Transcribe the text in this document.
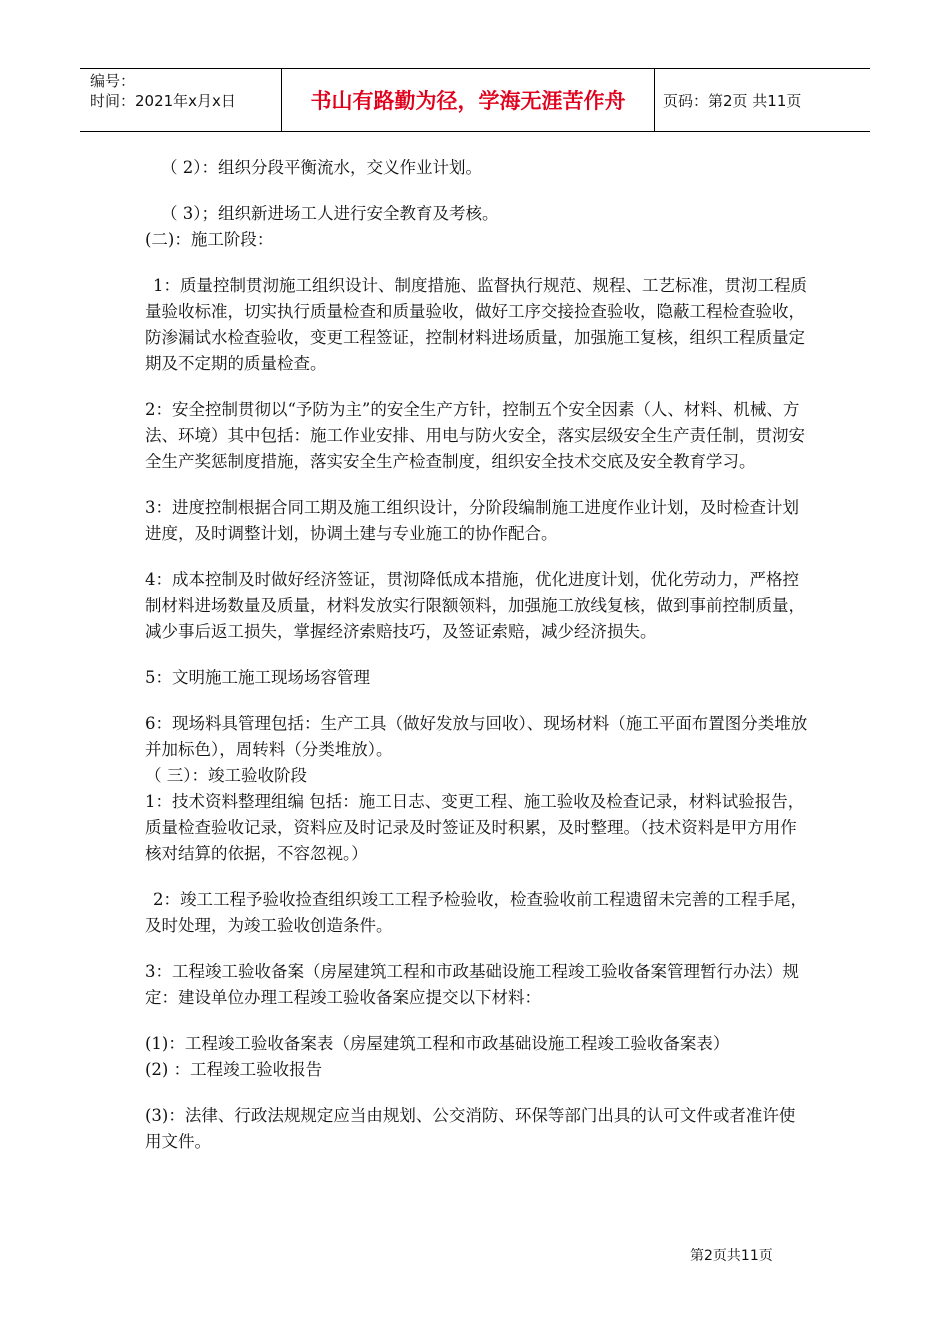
编号：
时间：2021年x月x日	书山有路勤为径，学海无涯苦作舟	页码：第2页 共11页

（ 2）：组织分段平衡流水，交义作业计划。

（ 3）；组织新进场工人进行安全教育及考核。

(二)：施工阶段：

1：质量控制贯沏施工组织设计、制度措施、监督执行规范、规程、工艺标准，贯沏工程质量验收标准，切实执行质量检查和质量验收，做好工序交接捡查验收，隐蔽工程检查验收，防渗漏试水检查验收，变更工程签证，控制材料进场质量，加强施工复核，组织工程质量定期及不定期的质量检查。

2：安全控制贯彻以“予防为主”的安全生产方针，控制五个安全因素（人、材料、机械、方法、环境）其中包括：施工作业安排、用电与防火安全，落实层级安全生产责任制，贯沏安全生产奖惩制度措施，落实安全生产检查制度，组织安全技术交底及安全教育学习。

3：进度控制根据合同工期及施工组织设计，分阶段编制施工进度作业计划，及时检查计划进度，及时调整计划，协调土建与专业施工的协作配合。

4：成本控制及时做好经济签证，贯沏降低成本措施，优化进度计划，优化劳动力，严格控制材料进场数量及质量，材料发放实行限额领料，加强施工放线复核，做到事前控制质量，减少事后返工损失，掌握经济索赔技巧，及签证索赔，减少经济损失。

5：文明施工施工现场场容管理

6：现场料具管理包括：生产工具（做好发放与回收）、现场材料（施工平面布置图分类堆放并加标色），周转料（分类堆放）。

（ 三）：竣工验收阶段

1：技术资料整理组编 包括：施工日志、变更工程、施工验收及检查记录，材料试验报告，质量检查验收记录，资料应及时记录及时签证及时积累，及时整理。（技术资料是甲方用作核对结算的依据，不容忽视。）

2：竣工工程予验收捡查组织竣工工程予检验收，检查验收前工程遗留未完善的工程手尾，及时处理，为竣工验收创造条件。

3：工程竣工验收备案（房屋建筑工程和市政基础设施工程竣工验收备案管理暂行办法）规定：建设单位办理工程竣工验收备案应提交以下材料：

(1)：工程竣工验收备案表（房屋建筑工程和市政基础设施工程竣工验收备案表）

(2) ：工程竣工验收报告

(3)：法律、行政法规规定应当由规划、公交消防、环保等部门出具的认可文件或者准许使用文件。

第2页共11页
